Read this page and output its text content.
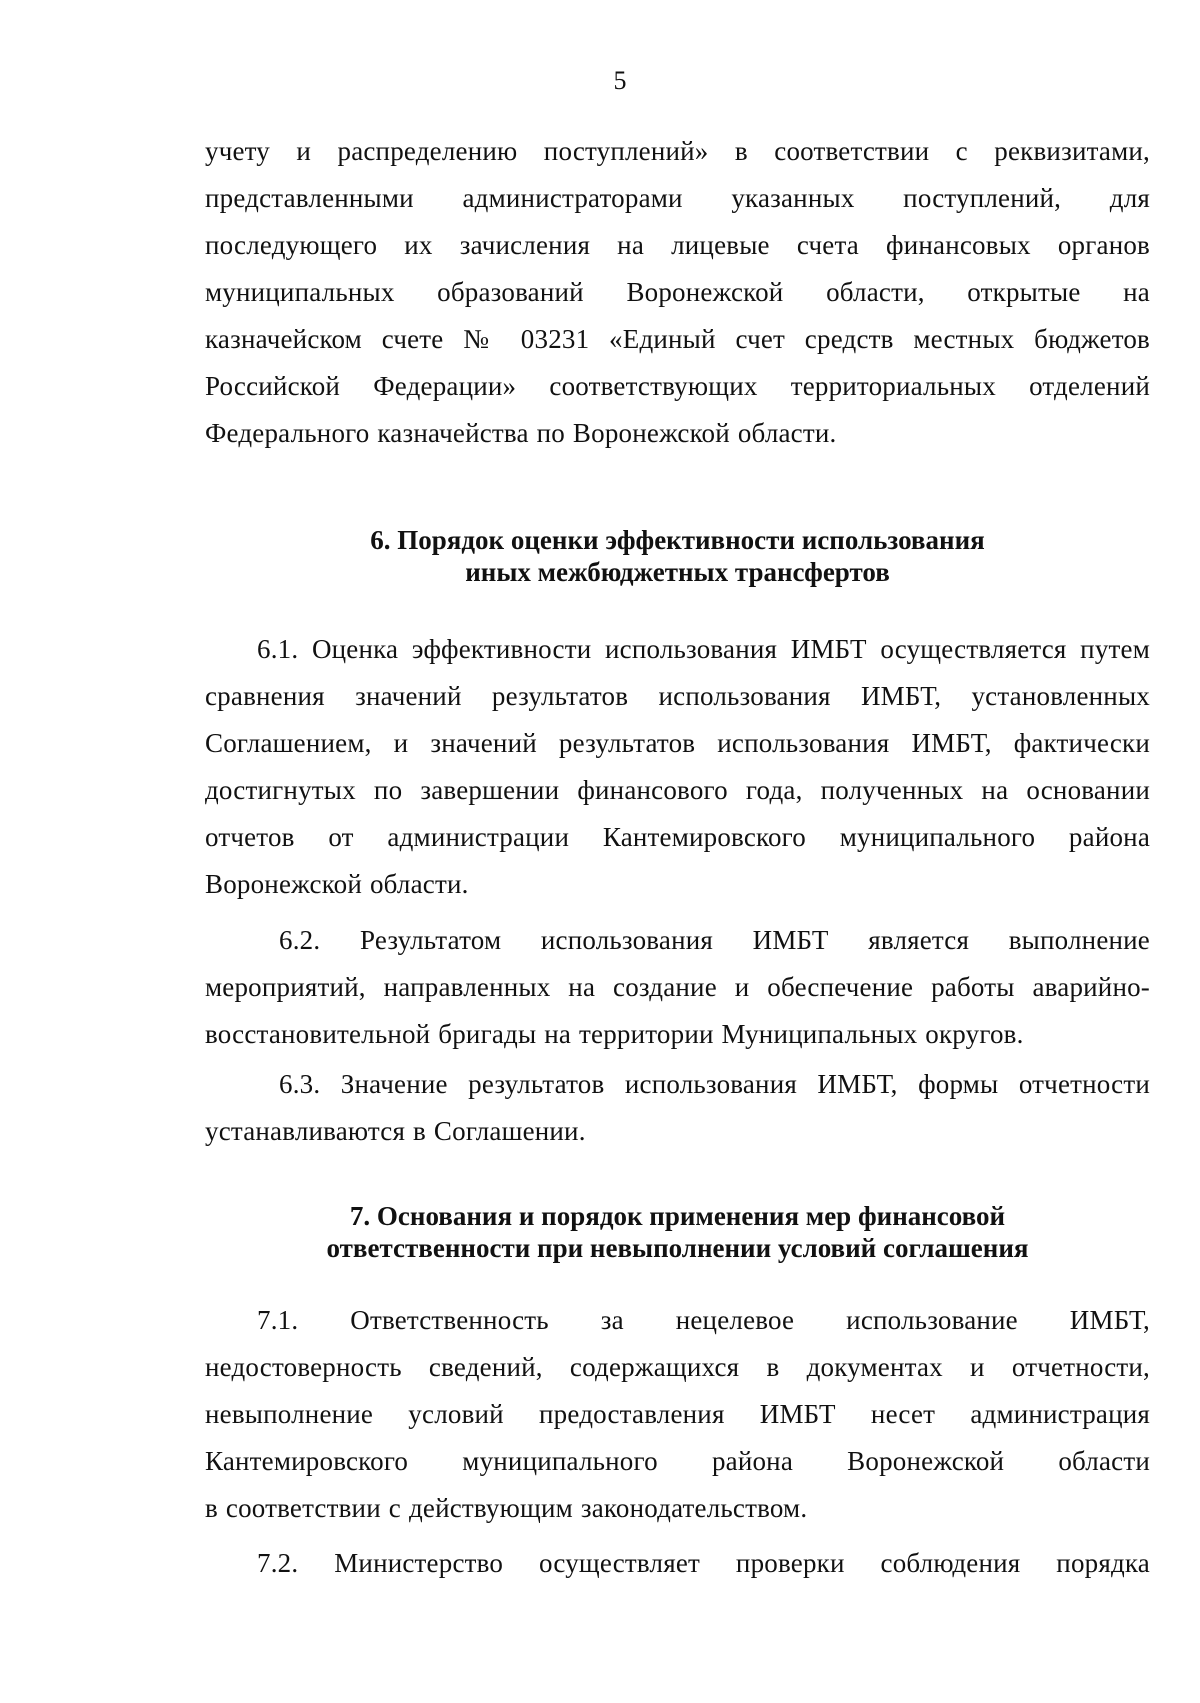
5
учету и распределению поступлений» в соответствии с реквизитами,
представленными администраторами указанных поступлений, для
последующего их зачисления на лицевые счета финансовых органов
муниципальных образований Воронежской области, открытые на
казначейском счете № 03231 «Единый счет средств местных бюджетов
Российской Федерации» соответствующих территориальных отделений
Федерального казначейства по Воронежской области.
6. Порядок оценки эффективности использования
иных межбюджетных трансфертов
6.1. Оценка эффективности использования ИМБТ осуществляется путем
сравнения значений результатов использования ИМБТ, установленных
Соглашением, и значений результатов использования ИМБТ, фактически
достигнутых по завершении финансового года, полученных на основании
отчетов от администрации Кантемировского муниципального района
Воронежской области.
6.2. Результатом использования ИМБТ является выполнение
мероприятий, направленных на создание и обеспечение работы аварийно-
восстановительной бригады на территории Муниципальных округов.
6.3. Значение результатов использования ИМБТ, формы отчетности
устанавливаются в Соглашении.
7. Основания и порядок применения мер финансовой
ответственности при невыполнении условий соглашения
7.1. Ответственность за нецелевое использование ИМБТ,
недостоверность сведений, содержащихся в документах и отчетности,
невыполнение условий предоставления ИМБТ несет администрация
Кантемировского муниципального района Воронежской области
в соответствии с действующим законодательством.
7.2. Министерство осуществляет проверки соблюдения порядка
